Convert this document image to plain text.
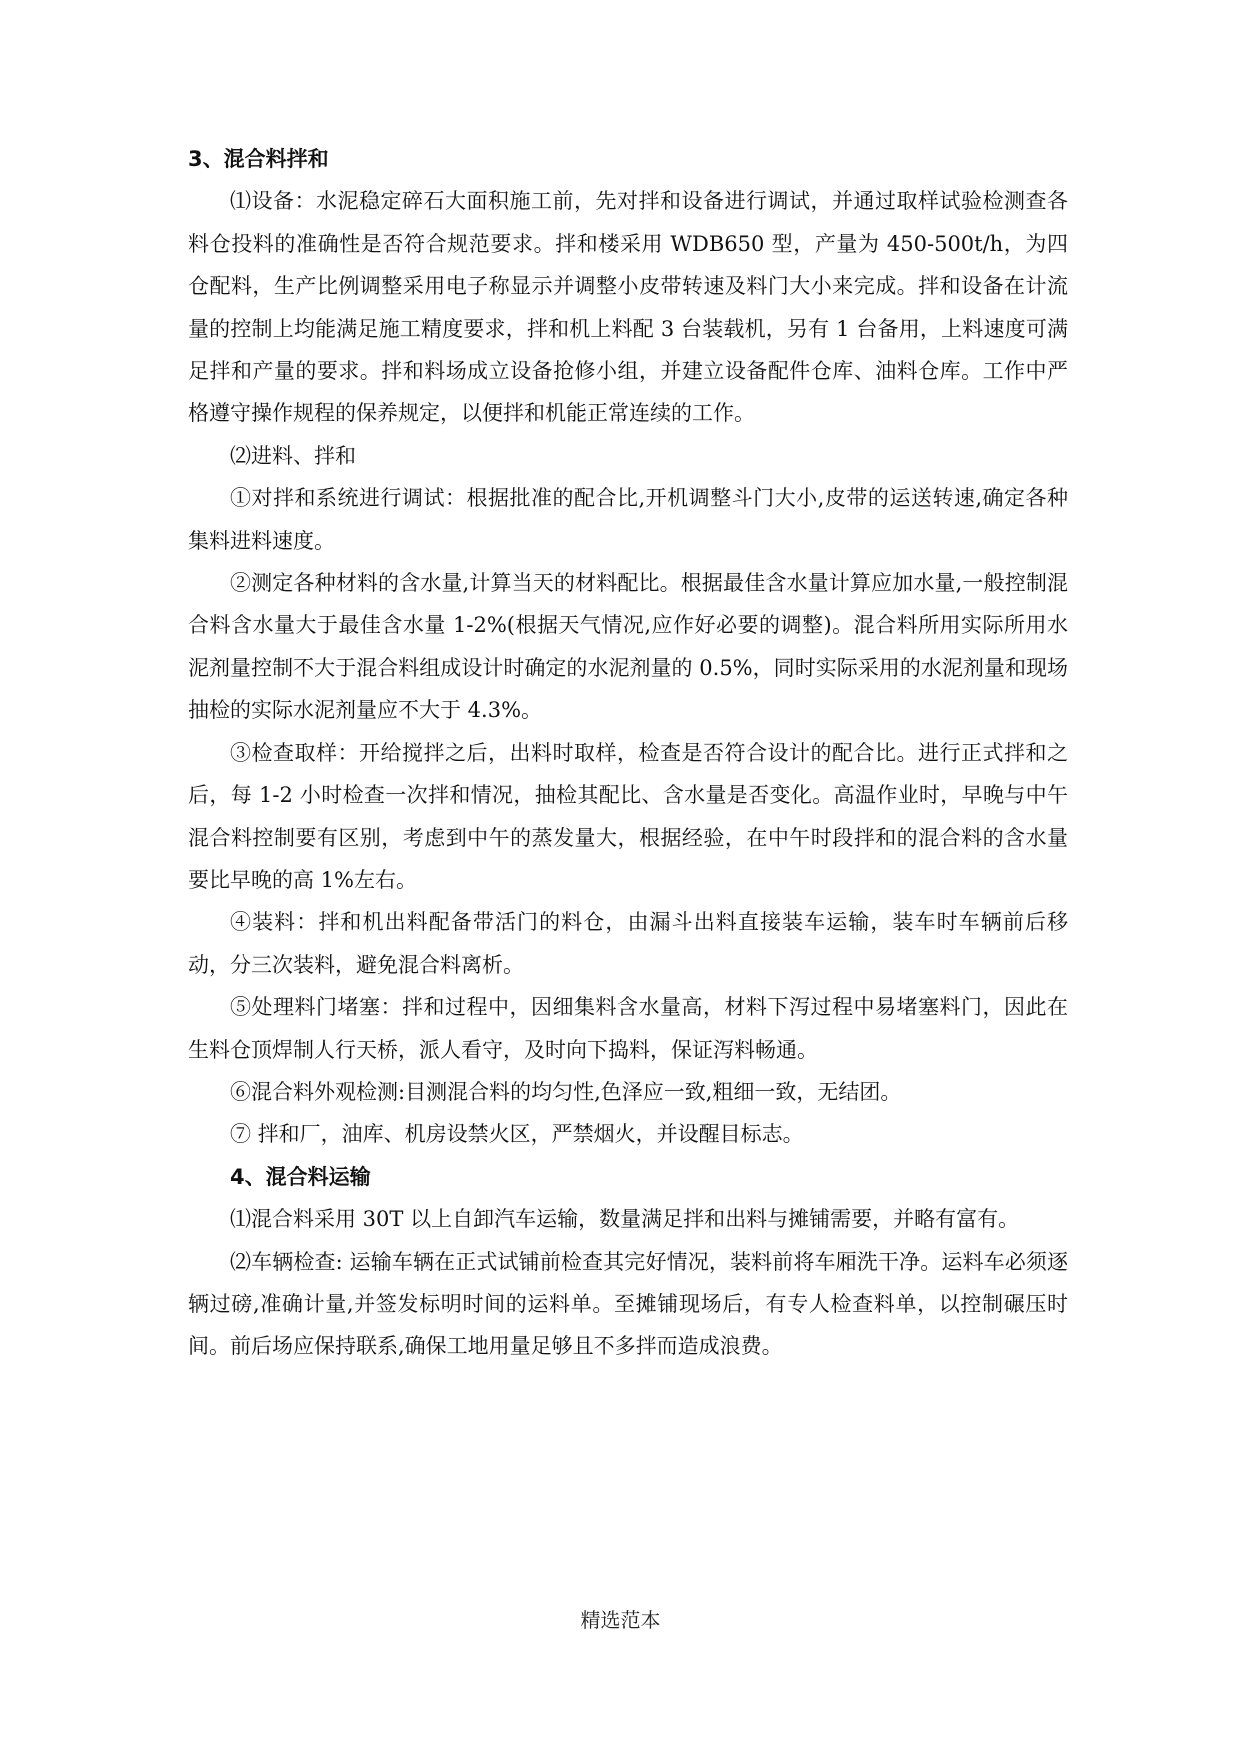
3、混合料拌和

⑴设备：水泥稳定碎石大面积施工前，先对拌和设备进行调试，并通过取样试验检测查各料仓投料的准确性是否符合规范要求。拌和楼采用 WDB650 型，产量为 450-500t/h，为四仓配料，生产比例调整采用电子称显示并调整小皮带转速及料门大小来完成。拌和设备在计流量的控制上均能满足施工精度要求，拌和机上料配 3 台装载机，另有 1 台备用，上料速度可满足拌和产量的要求。拌和料场成立设备抢修小组，并建立设备配件仓库、油料仓库。工作中严格遵守操作规程的保养规定，以便拌和机能正常连续的工作。

⑵进料、拌和

①对拌和系统进行调试：根据批准的配合比,开机调整斗门大小,皮带的运送转速,确定各种集料进料速度。

②测定各种材料的含水量,计算当天的材料配比。根据最佳含水量计算应加水量,一般控制混合料含水量大于最佳含水量 1-2%(根据天气情况,应作好必要的调整)。混合料所用实际所用水泥剂量控制不大于混合料组成设计时确定的水泥剂量的 0.5%，同时实际采用的水泥剂量和现场抽检的实际水泥剂量应不大于 4.3%。

③检查取样：开给搅拌之后，出料时取样，检查是否符合设计的配合比。进行正式拌和之后，每 1-2 小时检查一次拌和情况，抽检其配比、含水量是否变化。高温作业时，早晚与中午混合料控制要有区别，考虑到中午的蒸发量大，根据经验，在中午时段拌和的混合料的含水量要比早晚的高 1%左右。

④装料：拌和机出料配备带活门的料仓，由漏斗出料直接装车运输，装车时车辆前后移动，分三次装料，避免混合料离析。

⑤处理料门堵塞：拌和过程中，因细集料含水量高，材料下泻过程中易堵塞料门，因此在生料仓顶焊制人行天桥，派人看守，及时向下捣料，保证泻料畅通。

⑥混合料外观检测:目测混合料的均匀性,色泽应一致,粗细一致，无结团。

⑦ 拌和厂，油库、机房设禁火区，严禁烟火，并设醒目标志。

4、混合料运输

⑴混合料采用 30T 以上自卸汽车运输，数量满足拌和出料与摊铺需要，并略有富有。

⑵车辆检查: 运输车辆在正式试铺前检查其完好情况，装料前将车厢洗干净。运料车必须逐辆过磅,准确计量,并签发标明时间的运料单。至摊铺现场后，有专人检查料单，以控制碾压时间。前后场应保持联系,确保工地用量足够且不多拌而造成浪费。

精选范本
